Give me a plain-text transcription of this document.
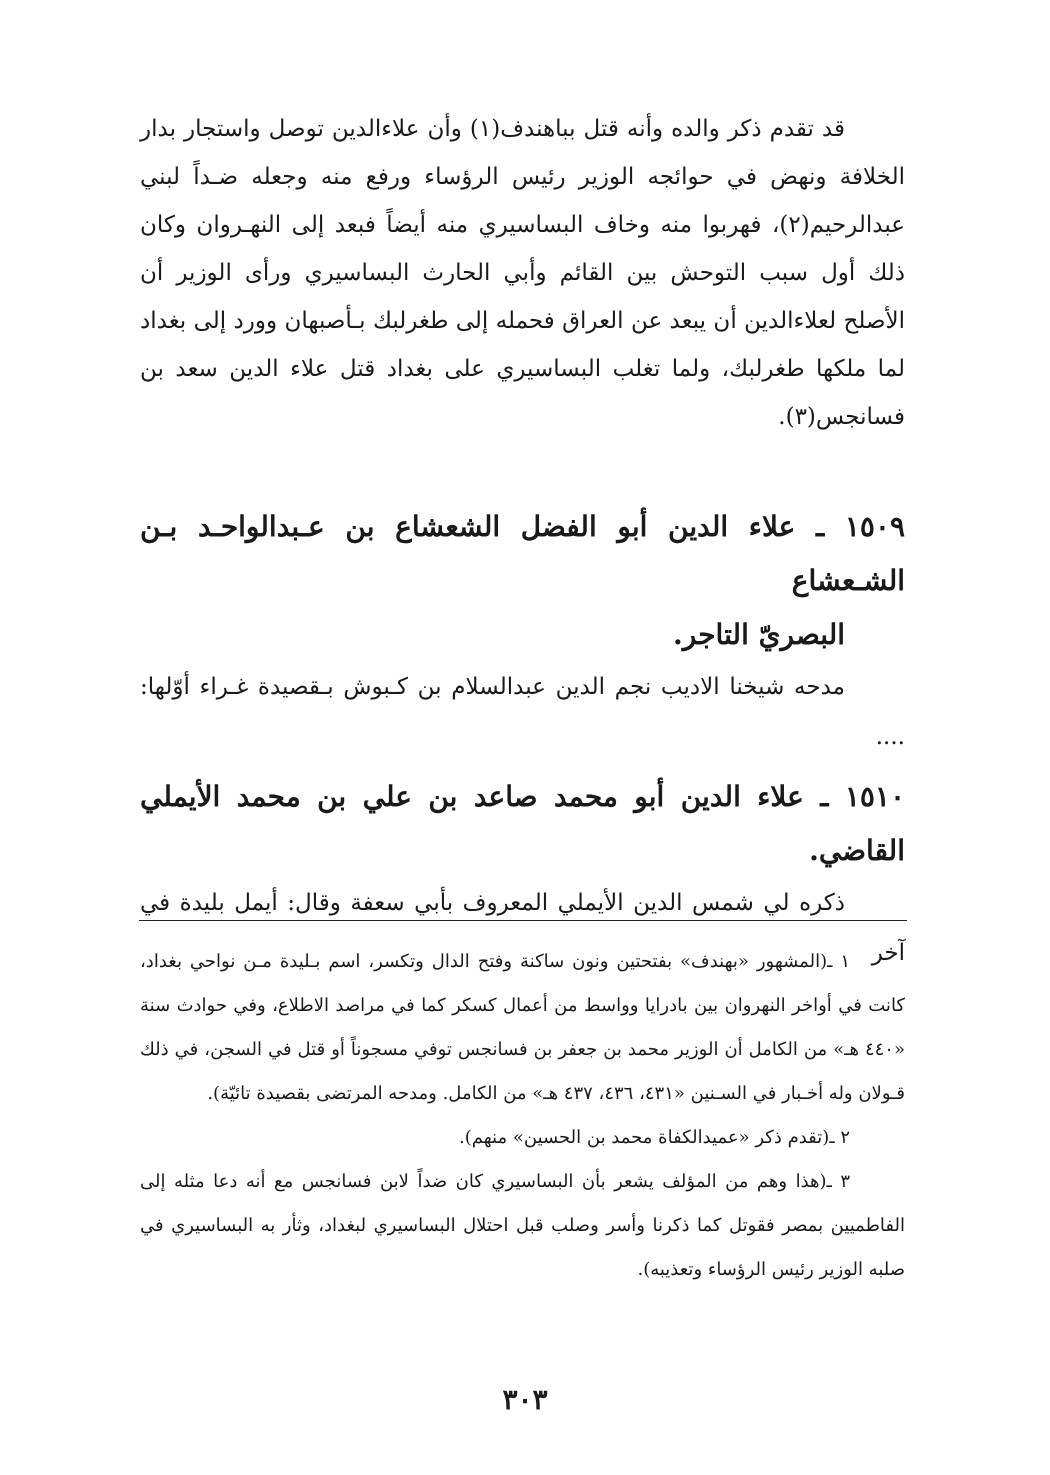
قد تقدم ذكر والده وأنه قتل بباهندف(١) وأن علاءالدين توصل واستجار بدار الخلافة ونهض في حوائجه الوزير رئيس الرؤساء ورفع منه وجعله ضـداً لبني عبدالرحيم(٢)، فهربوا منه وخاف البساسيري منه أيضاً فبعد إلى النهـروان وكان ذلك أول سبب التوحش بين القائم وأبي الحارث البساسيري ورأى الوزير أن الأصلح لعلاءالدين أن يبعد عن العراق فحمله إلى طغرلبك بـأصبهان وورد إلى بغداد لما ملكها طغرلبك، ولما تغلب البساسيري على بغداد قتل علاء الدين سعد بن فسانجس(٣).
١٥٠٩ ـ علاء الدين أبو الفضل الشعشاع بن عـبدالواحـد بـن الشـعشاع
البصريّ التاجر.
مدحه شيخنا الاديب نجم الدين عبدالسلام بن كـبوش بـقصيدة غـراء أوّلها: ....
١٥١٠ ـ علاء الدين أبو محمد صاعد بن علي بن محمد الأيملي القاضي.
ذكره لي شمس الدين الأيملي المعروف بأبي سعفة وقال: أيمل بليدة في آخر
١ ـ(المشهور «بهندف» بفتحتين ونون ساكنة وفتح الدال وتكسر، اسم بـليدة مـن نواحي بغداد، كانت في أواخر النهروان بين بادرايا وواسط من أعمال كسكر كما في مراصد الاطلاع، وفي حوادث سنة «٤٤٠ هـ» من الكامل أن الوزير محمد بن جعفر بن فسانجس توفي مسجوناً أو قتل في السجن، في ذلك قـولان وله أخـبار في السـنين «٤٣١، ٤٣٦، ٤٣٧ هـ» من الكامل. ومدحه المرتضى بقصيدة تائيّة).
٢ ـ(تقدم ذكر «عميدالكفاة محمد بن الحسين» منهم).
٣ ـ(هذا وهم من المؤلف يشعر بأن البساسيري كان ضداً لابن فسانجس مع أنه دعا مثله إلى الفاطميين بمصر فقوتل كما ذكرنا وأسر وصلب قبل احتلال البساسيري لبغداد، وثأر به البساسيري في صلبه الوزير رئيس الرؤساء وتعذيبه).
٣٠٣
